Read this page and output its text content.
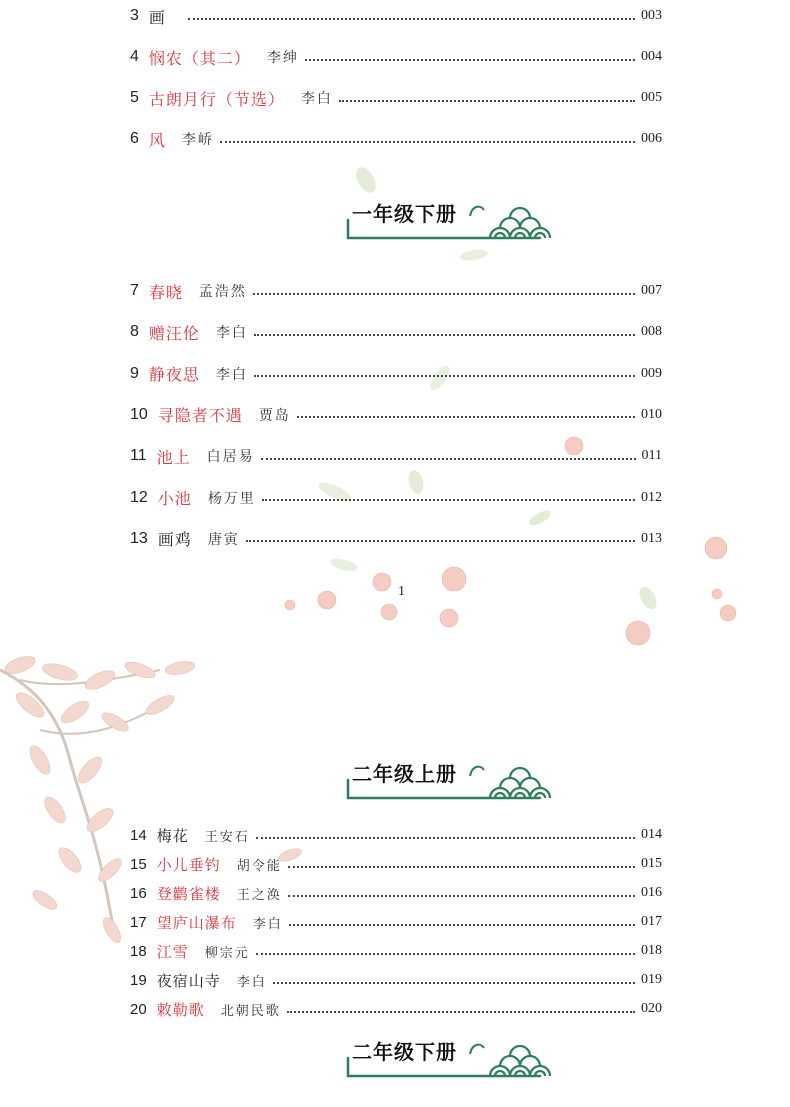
3 画	003
4 悯农（其二） 李绅	004
5 古朗月行（节选） 李白	005
6 风 李峤	006
一年级下册
7 春晓 孟浩然	007
8 赠汪伦 李白	008
9 静夜思 李白	009
10 寻隐者不遇 贾岛	010
11 池上 白居易	011
12 小池 杨万里	012
13 画鸡 唐寅	013
1
二年级上册
14 梅花 王安石	014
15 小儿垂钓 胡令能	015
16 登鹳雀楼 王之涣	016
17 望庐山瀑布 李白	017
18 江雪 柳宗元	018
19 夜宿山寺 李白	019
20 敕勒歌 北朝民歌	020
二年级下册
